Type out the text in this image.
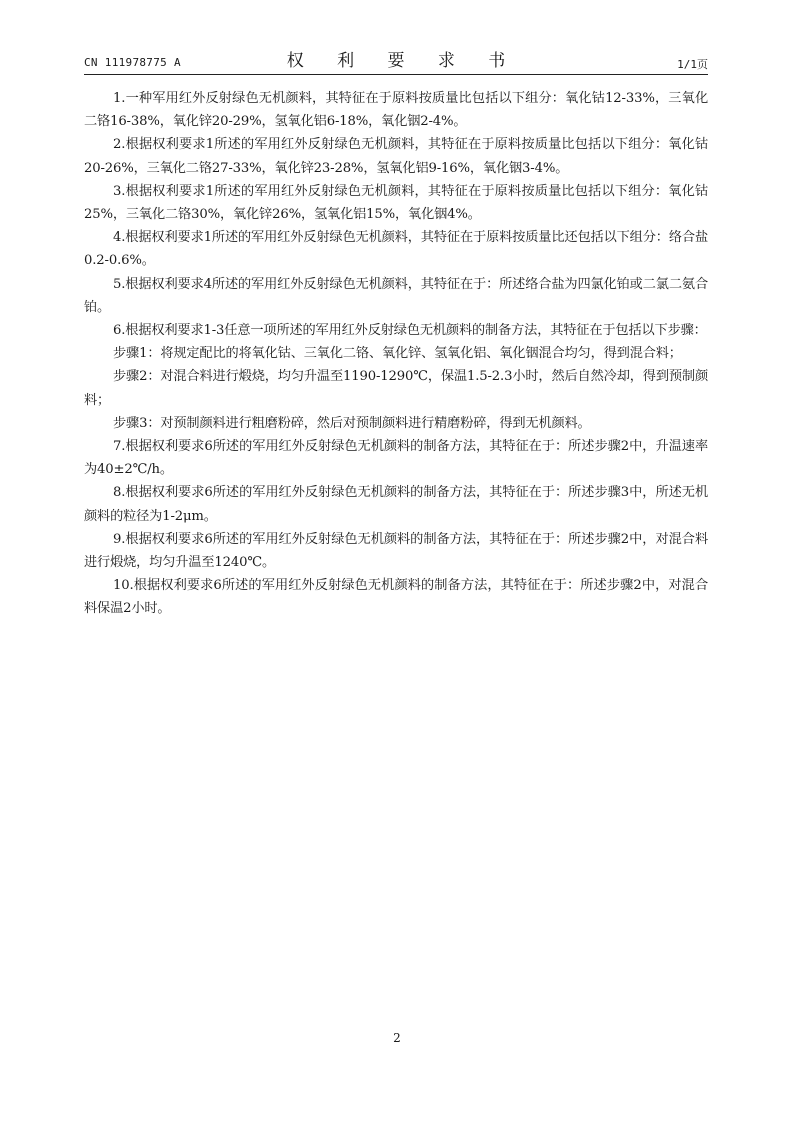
CN 111978775 A	权 利 要 求 书	1/1页

1.一种军用红外反射绿色无机颜料，其特征在于原料按质量比包括以下组分：氧化钴12-33%，三氧化二铬16-38%，氧化锌20-29%，氢氧化铝6-18%，氧化铟2-4%。

2.根据权利要求1所述的军用红外反射绿色无机颜料，其特征在于原料按质量比包括以下组分：氧化钴20-26%，三氧化二铬27-33%，氧化锌23-28%，氢氧化铝9-16%，氧化铟3-4%。

3.根据权利要求1所述的军用红外反射绿色无机颜料，其特征在于原料按质量比包括以下组分：氧化钴25%，三氧化二铬30%，氧化锌26%，氢氧化铝15%，氧化铟4%。

4.根据权利要求1所述的军用红外反射绿色无机颜料，其特征在于原料按质量比还包括以下组分：络合盐0.2-0.6%。

5.根据权利要求4所述的军用红外反射绿色无机颜料，其特征在于：所述络合盐为四氯化铂或二氯二氨合铂。

6.根据权利要求1-3任意一项所述的军用红外反射绿色无机颜料的制备方法，其特征在于包括以下步骤：

步骤1：将规定配比的将氧化钴、三氧化二铬、氧化锌、氢氧化铝、氧化铟混合均匀，得到混合料；

步骤2：对混合料进行煅烧，均匀升温至1190-1290℃，保温1.5-2.3小时，然后自然冷却，得到预制颜料；

步骤3：对预制颜料进行粗磨粉碎，然后对预制颜料进行精磨粉碎，得到无机颜料。

7.根据权利要求6所述的军用红外反射绿色无机颜料的制备方法，其特征在于：所述步骤2中，升温速率为40±2℃/h。

8.根据权利要求6所述的军用红外反射绿色无机颜料的制备方法，其特征在于：所述步骤3中，所述无机颜料的粒径为1-2μm。

9.根据权利要求6所述的军用红外反射绿色无机颜料的制备方法，其特征在于：所述步骤2中，对混合料进行煅烧，均匀升温至1240℃。

10.根据权利要求6所述的军用红外反射绿色无机颜料的制备方法，其特征在于：所述步骤2中，对混合料保温2小时。

2
